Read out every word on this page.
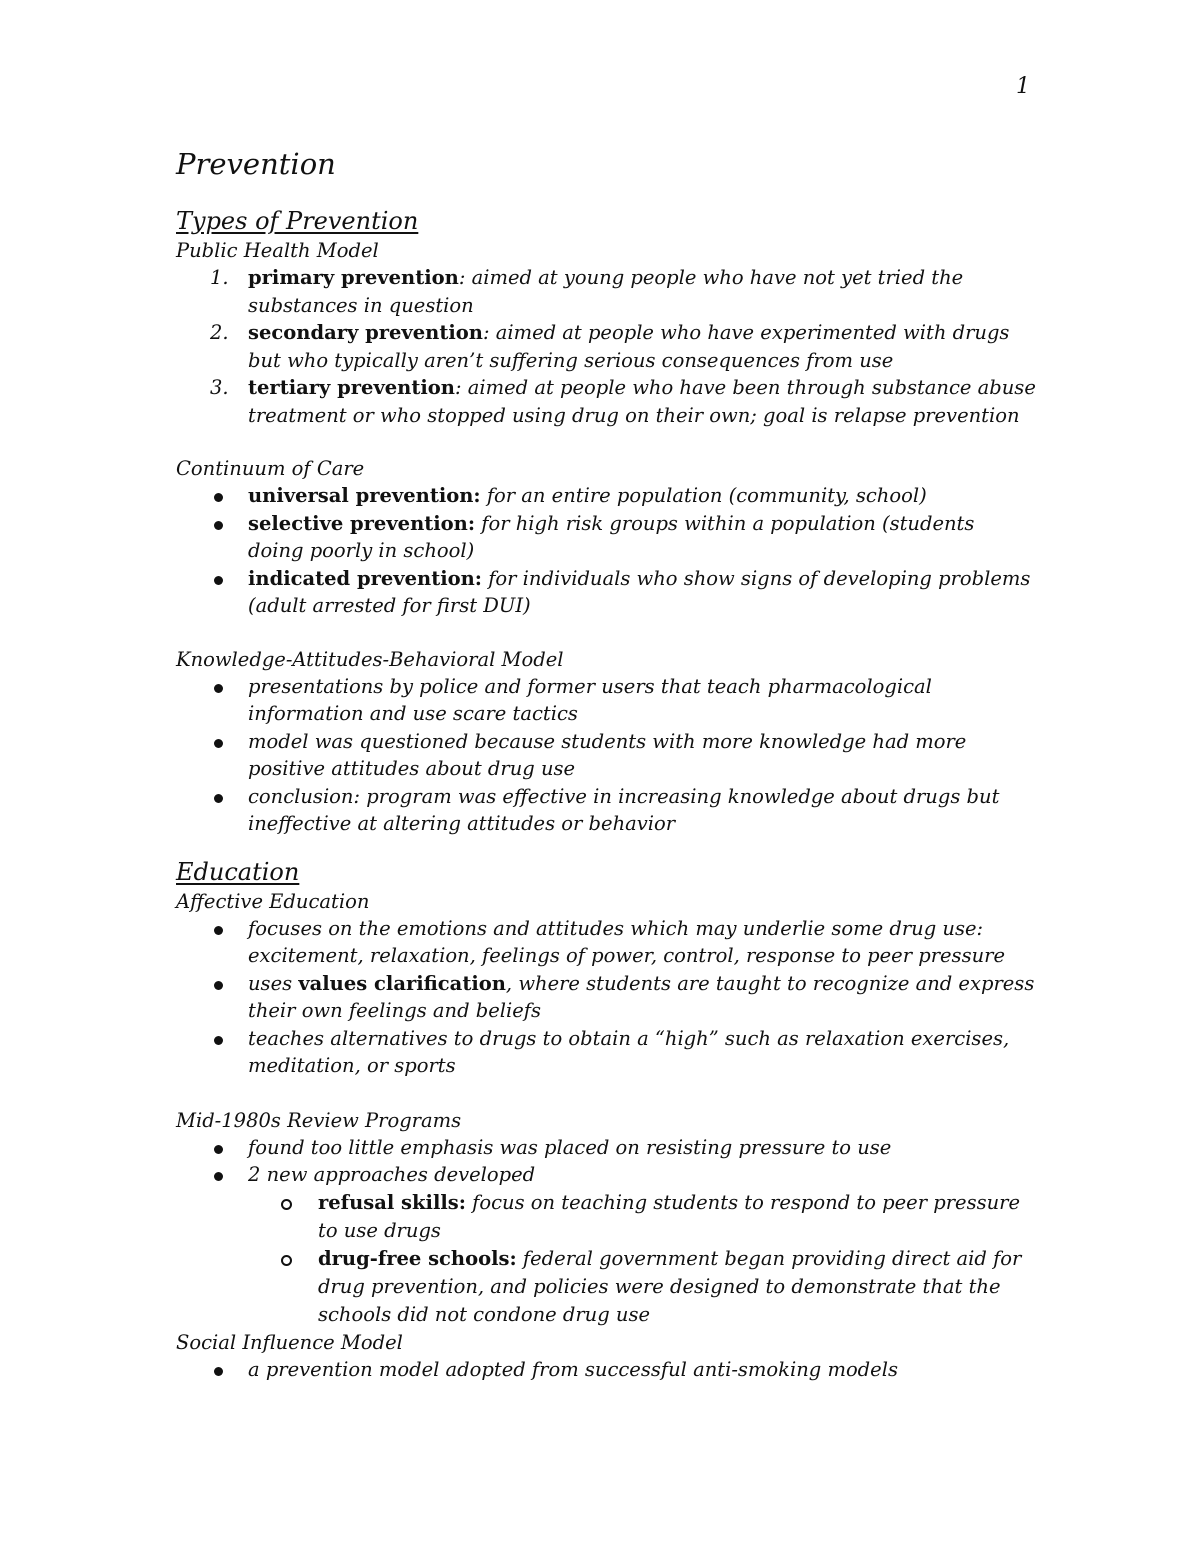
1
Prevention
Types of Prevention
Public Health Model
1. primary prevention: aimed at young people who have not yet tried the substances in question
2. secondary prevention: aimed at people who have experimented with drugs but who typically aren’t suffering serious consequences from use
3. tertiary prevention: aimed at people who have been through substance abuse treatment or who stopped using drug on their own; goal is relapse prevention
Continuum of Care
universal prevention: for an entire population (community, school)
selective prevention: for high risk groups within a population (students doing poorly in school)
indicated prevention: for individuals who show signs of developing problems (adult arrested for first DUI)
Knowledge-Attitudes-Behavioral Model
presentations by police and former users that teach pharmacological information and use scare tactics
model was questioned because students with more knowledge had more positive attitudes about drug use
conclusion: program was effective in increasing knowledge about drugs but ineffective at altering attitudes or behavior
Education
Affective Education
focuses on the emotions and attitudes which may underlie some drug use: excitement, relaxation, feelings of power, control, response to peer pressure
uses values clarification, where students are taught to recognize and express their own feelings and beliefs
teaches alternatives to drugs to obtain a “high” such as relaxation exercises, meditation, or sports
Mid-1980s Review Programs
found too little emphasis was placed on resisting pressure to use
2 new approaches developed
refusal skills: focus on teaching students to respond to peer pressure to use drugs
drug-free schools: federal government began providing direct aid for drug prevention, and policies were designed to demonstrate that the schools did not condone drug use
Social Influence Model
a prevention model adopted from successful anti-smoking models
